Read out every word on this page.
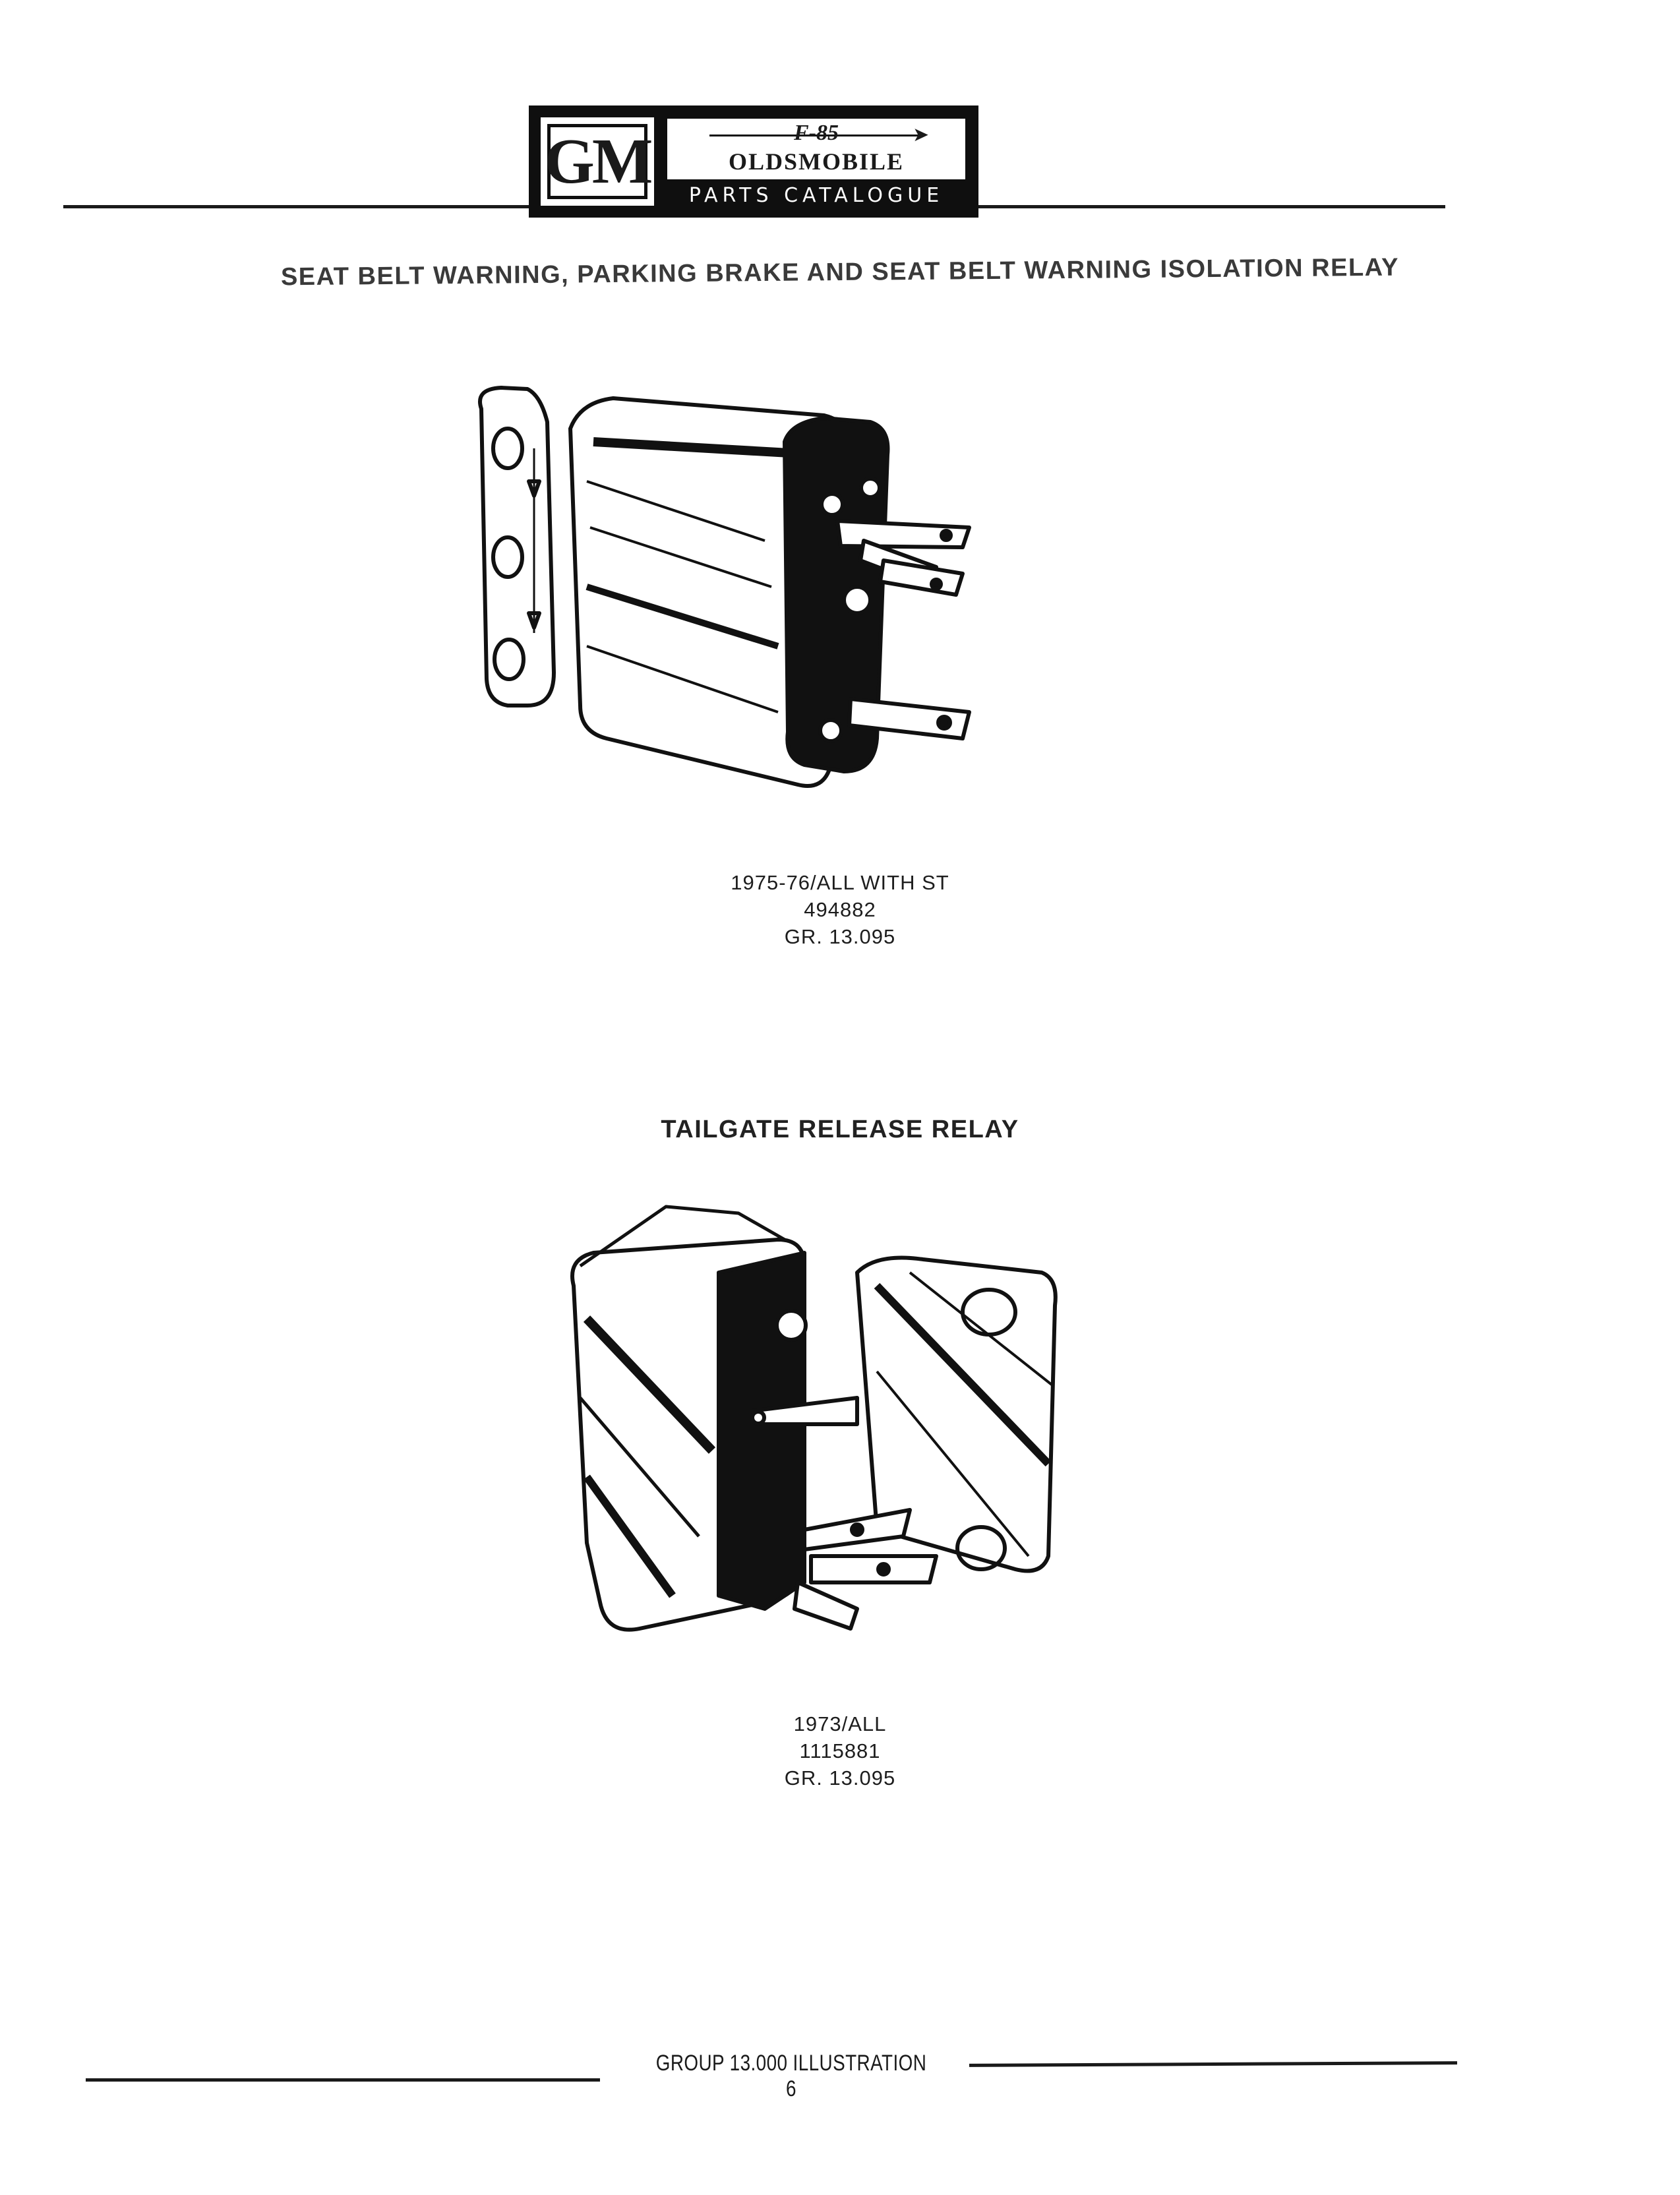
GM	F-85	➤
OLDSMOBILE
PARTS CATALOGUE
SEAT BELT WARNING, PARKING BRAKE AND SEAT BELT WARNING ISOLATION RELAY
1975-76/ALL WITH ST
494882
GR. 13.095
TAILGATE RELEASE RELAY
1973/ALL
1115881
GR. 13.095
GROUP 13.000 ILLUSTRATION 6
